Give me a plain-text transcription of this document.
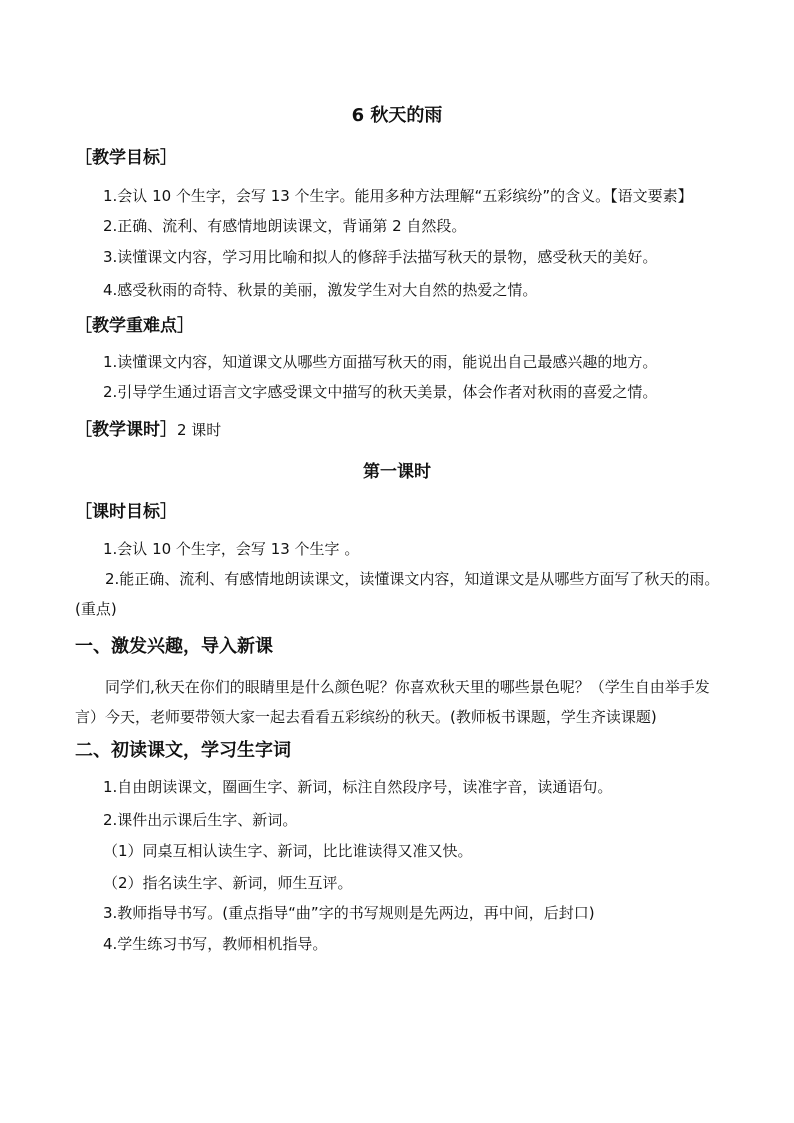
6 秋天的雨
［教学目标］
1.会认 10 个生字，会写 13 个生字。能用多种方法理解“五彩缤纷”的含义。【语文要素】
2.正确、流利、有感情地朗读课文，背诵第 2 自然段。
3.读懂课文内容，学习用比喻和拟人的修辞手法描写秋天的景物，感受秋天的美好。
4.感受秋雨的奇特、秋景的美丽，激发学生对大自然的热爱之情。
［教学重难点］
1.读懂课文内容，知道课文从哪些方面描写秋天的雨，能说出自己最感兴趣的地方。
2.引导学生通过语言文字感受课文中描写的秋天美景，体会作者对秋雨的喜爱之情。
［教学课时］2 课时
第一课时
［课时目标］
1.会认 10 个生字，会写 13 个生字 。
2.能正确、流利、有感情地朗读课文，读懂课文内容，知道课文是从哪些方面写了秋天的雨。(重点)
一、激发兴趣，导入新课
同学们,秋天在你们的眼睛里是什么颜色呢？你喜欢秋天里的哪些景色呢？（学生自由举手发言）今天，老师要带领大家一起去看看五彩缤纷的秋天。(教师板书课题，学生齐读课题)
二、初读课文，学习生字词
1.自由朗读课文，圈画生字、新词，标注自然段序号，读准字音，读通语句。
2.课件出示课后生字、新词。
（1）同桌互相认读生字、新词，比比谁读得又准又快。
（2）指名读生字、新词，师生互评。
3.教师指导书写。(重点指导“曲”字的书写规则是先两边，再中间，后封口)
4.学生练习书写，教师相机指导。
